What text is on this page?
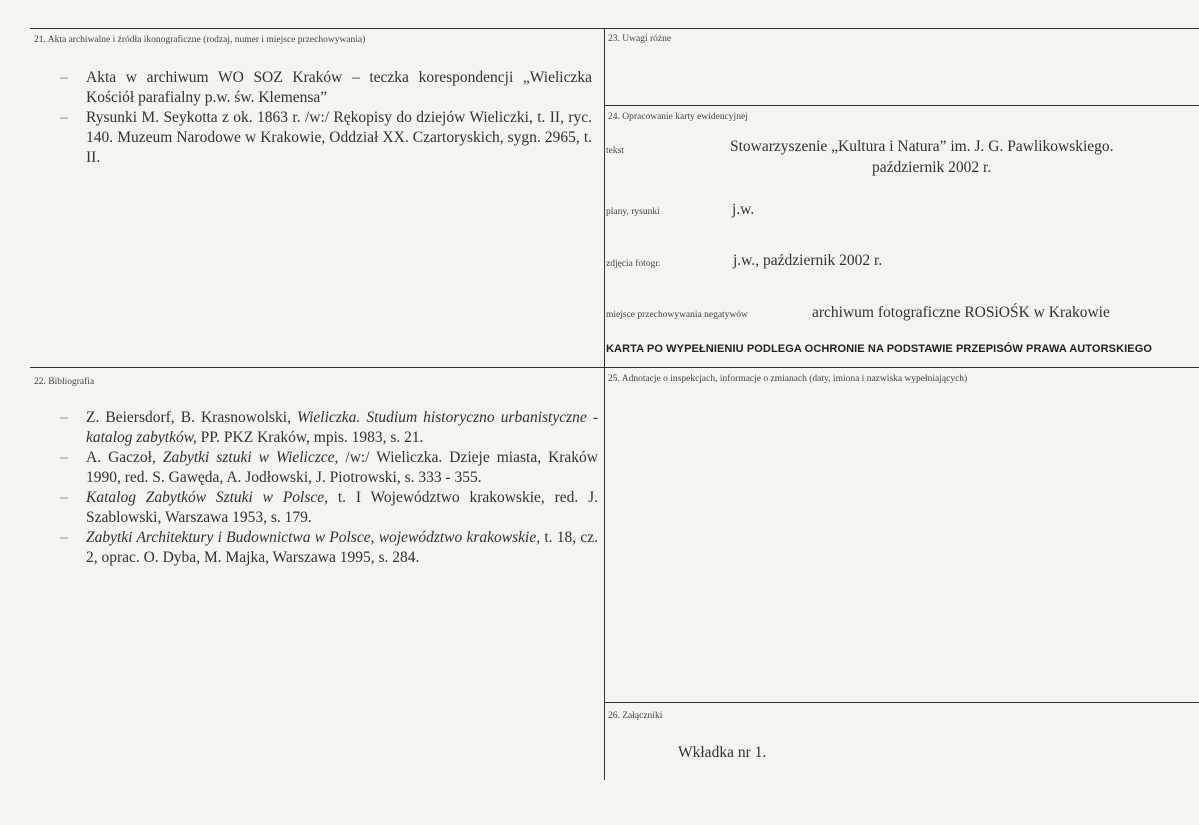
21. Akta archiwalne i źródła ikonograficzne (rodzaj, numer i miejsce przechowywania)
– Akta w archiwum WO SOZ Kraków – teczka korespondencji „Wieliczka Kościół parafialny p.w. św. Klemensa”
– Rysunki M. Seykotta z ok. 1863 r. /w:/ Rękopisy do dziejów Wieliczki, t. II, ryc. 140. Muzeum Narodowe w Krakowie, Oddział XX. Czartoryskich, sygn. 2965, t. II.
23. Uwagi różne
24. Opracowanie karty ewidencyjnej
tekst	Stowarzyszenie „Kultura i Natura” im. J. G. Pawlikowskiego.
październik 2002 r.
plany, rysunki	j.w.
zdjęcia fotogr.	j.w., październik 2002 r.
miejsce przechowywania negatywów	archiwum fotograficzne ROSiOŚK w Krakowie
KARTA PO WYPEŁNIENIU PODLEGA OCHRONIE NA PODSTAWIE PRZEPISÓW PRAWA AUTORSKIEGO
22. Bibliografia
– Z. Beiersdorf, B. Krasnowolski, Wieliczka. Studium historyczno urbanistyczne - katalog zabytków, PP. PKZ Kraków, mpis. 1983, s. 21.
– A. Gaczoł, Zabytki sztuki w Wieliczce, /w:/ Wieliczka. Dzieje miasta, Kraków 1990, red. S. Gawęda, A. Jodłowski, J. Piotrowski, s. 333 - 355.
– Katalog Zabytków Sztuki w Polsce, t. I Województwo krakowskie, red. J. Szablowski, Warszawa 1953, s. 179.
– Zabytki Architektury i Budownictwa w Polsce, województwo krakowskie, t. 18, cz. 2, oprac. O. Dyba, M. Majka, Warszawa 1995, s. 284.
25. Adnotacje o inspekcjach, informacje o zmianach (daty, imiona i nazwiska wypełniających)
26. Załączniki
Wkładka nr 1.
